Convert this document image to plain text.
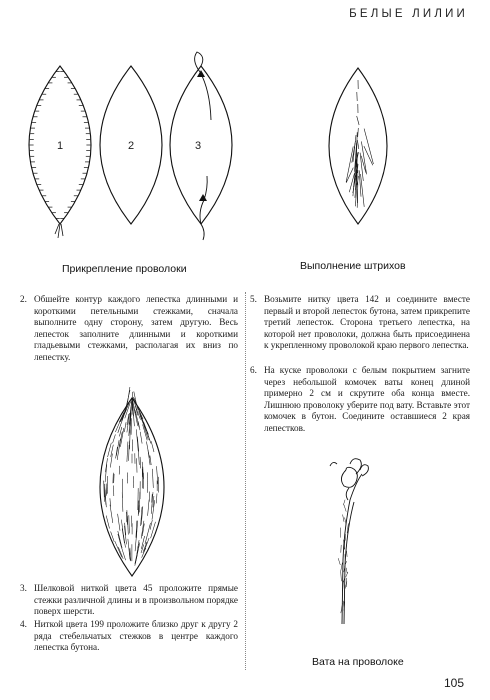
БЕЛЫЕ ЛИЛИИ
1	2	3
Прикрепление проволоки	Выполнение штрихов
Вата на проволоке
2. Обшейте контур каждого лепестка длинными и короткими петельными стежками, сначала выполните одну сторону, затем другую. Весь лепесток заполните длинными и короткими гладьевыми стежками, располагая их вниз по лепестку.
5. Возьмите нитку цвета 142 и соедините вместе первый и второй лепесток бутона, затем прикрепите третий лепесток. Сторона третьего лепестка, на которой нет проволоки, должна быть присоединена к укрепленному проволокой краю первого лепестка.
6. На куске проволоки с белым покрытием загните через небольшой комочек ваты конец длиной примерно 2 см и скрутите оба конца вместе. Лишнюю проволоку уберите под вату. Вставьте этот комочек в бутон. Соедините оставшиеся 2 края лепестков.
3. Шелковой ниткой цвета 45 проложите прямые стежки различной длины и в произвольном порядке поверх шерсти.
4. Ниткой цвета 199 проложите близко друг к другу 2 ряда стебельчатых стежков в центре каждого лепестка бутона.
105
